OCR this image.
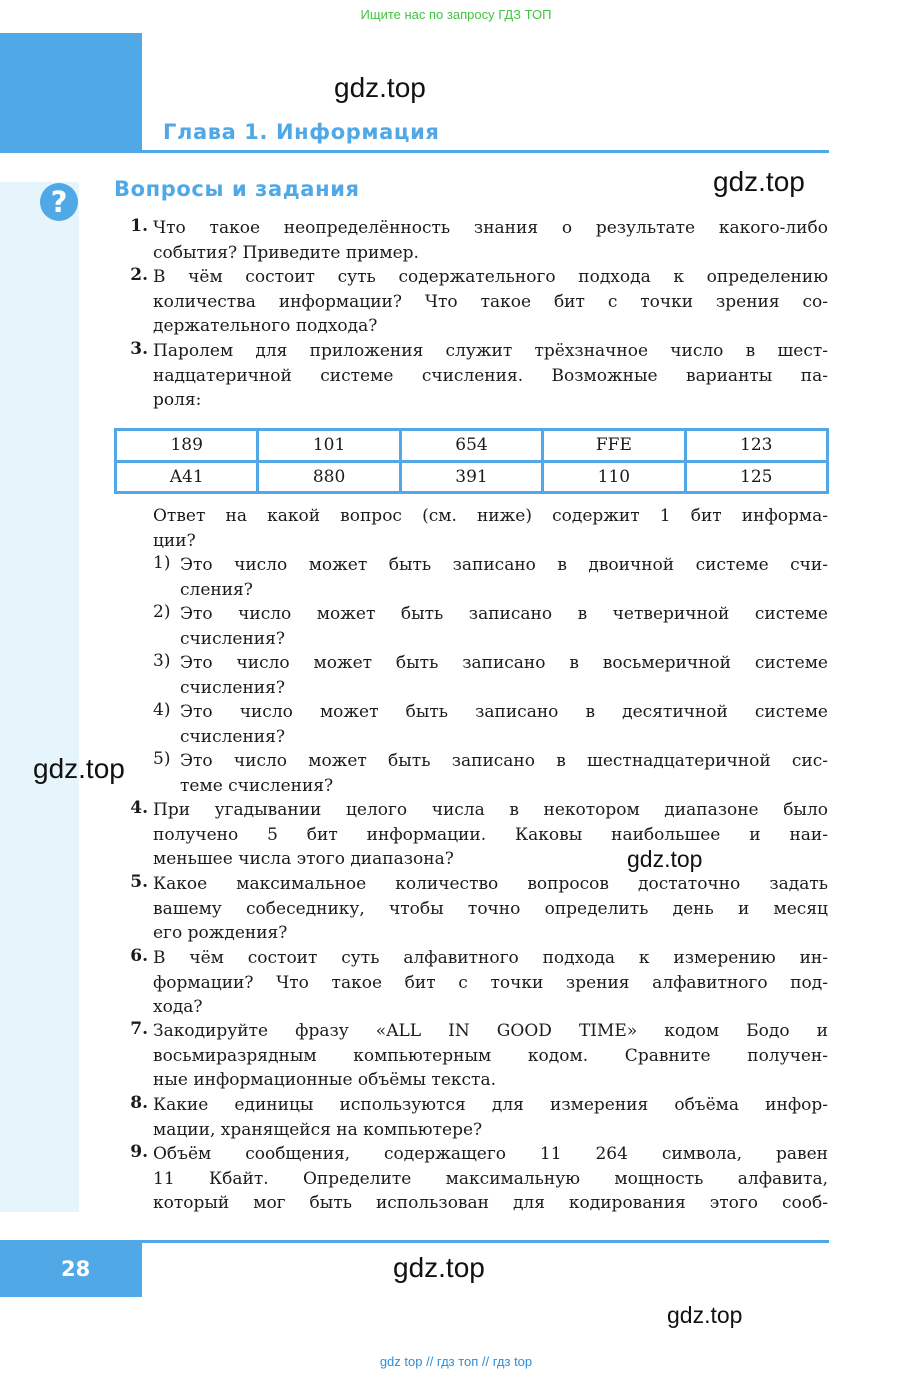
Ищите нас по запросу ГДЗ ТОП
gdz.top
Глава 1. Информация
?	Вопросы и задания	gdz.top
1. Что такое неопределённость знания о результате какого-либо
события? Приведите пример.
2. В чём состоит суть содержательного подхода к определению
количества информации? Что такое бит с точки зрения со-
держательного подхода?
3. Паролем для приложения служит трёхзначное число в шест-
надцатеричной системе счисления. Возможные варианты па-
роля:
189	101	654	FFE	123
A41	880	391	110	125
Ответ на какой вопрос (см. ниже) содержит 1 бит информа-
ции?
1) Это число может быть записано в двоичной системе счи-
сления?
2) Это число может быть записано в четверичной системе
счисления?
3) Это число может быть записано в восьмеричной системе
счисления?
4) Это число может быть записано в десятичной системе
счисления?
5) Это число может быть записано в шестнадцатеричной сис-
теме счисления?
gdz.top
4. При угадывании целого числа в некотором диапазоне было
получено 5 бит информации. Каковы наибольшее и наи-
меньшее числа этого диапазона?	gdz.top
5. Какое максимальное количество вопросов достаточно задать
вашему собеседнику, чтобы точно определить день и месяц
его рождения?
6. В чём состоит суть алфавитного подхода к измерению ин-
формации? Что такое бит с точки зрения алфавитного под-
хода?
7. Закодируйте фразу «ALL IN GOOD TIME» кодом Бодо и
восьмиразрядным компьютерным кодом. Сравните получен-
ные информационные объёмы текста.
8. Какие единицы используются для измерения объёма инфор-
мации, хранящейся на компьютере?
9. Объём сообщения, содержащего 11 264 символа, равен
11 Кбайт. Определите максимальную мощность алфавита,
который мог быть использован для кодирования этого сооб-
28	gdz.top
gdz.top
gdz top // гдз топ // гдз top
